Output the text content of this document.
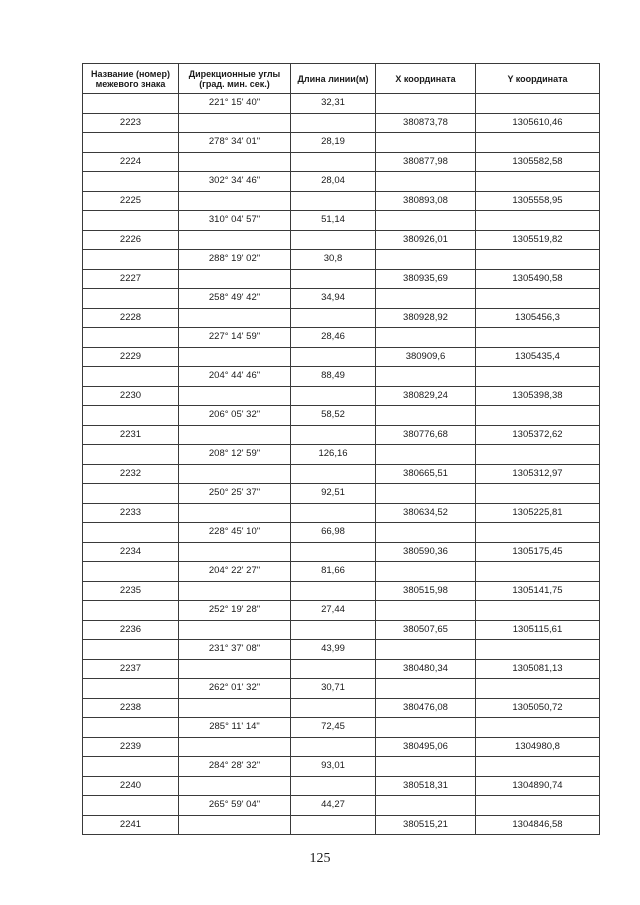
Название (номер) межевого знака	Дирекционные углы (град. мин. сек.)	Длина линии(м)	X координата	Y координата
	221° 15' 40"	32,31		
2223			380873,78	1305610,46
	278° 34' 01"	28,19		
2224			380877,98	1305582,58
	302° 34' 46"	28,04		
2225			380893,08	1305558,95
	310° 04' 57"	51,14		
2226			380926,01	1305519,82
	288° 19' 02"	30,8		
2227			380935,69	1305490,58
	258° 49' 42"	34,94		
2228			380928,92	1305456,3
	227° 14' 59"	28,46		
2229			380909,6	1305435,4
	204° 44' 46"	88,49		
2230			380829,24	1305398,38
	206° 05' 32"	58,52		
2231			380776,68	1305372,62
	208° 12' 59"	126,16		
2232			380665,51	1305312,97
	250° 25' 37"	92,51		
2233			380634,52	1305225,81
	228° 45' 10"	66,98		
2234			380590,36	1305175,45
	204° 22' 27"	81,66		
2235			380515,98	1305141,75
	252° 19' 28"	27,44		
2236			380507,65	1305115,61
	231° 37' 08"	43,99		
2237			380480,34	1305081,13
	262° 01' 32"	30,71		
2238			380476,08	1305050,72
	285° 11' 14"	72,45		
2239			380495,06	1304980,8
	284° 28' 32"	93,01		
2240			380518,31	1304890,74
	265° 59' 04"	44,27		
2241			380515,21	1304846,58
125
